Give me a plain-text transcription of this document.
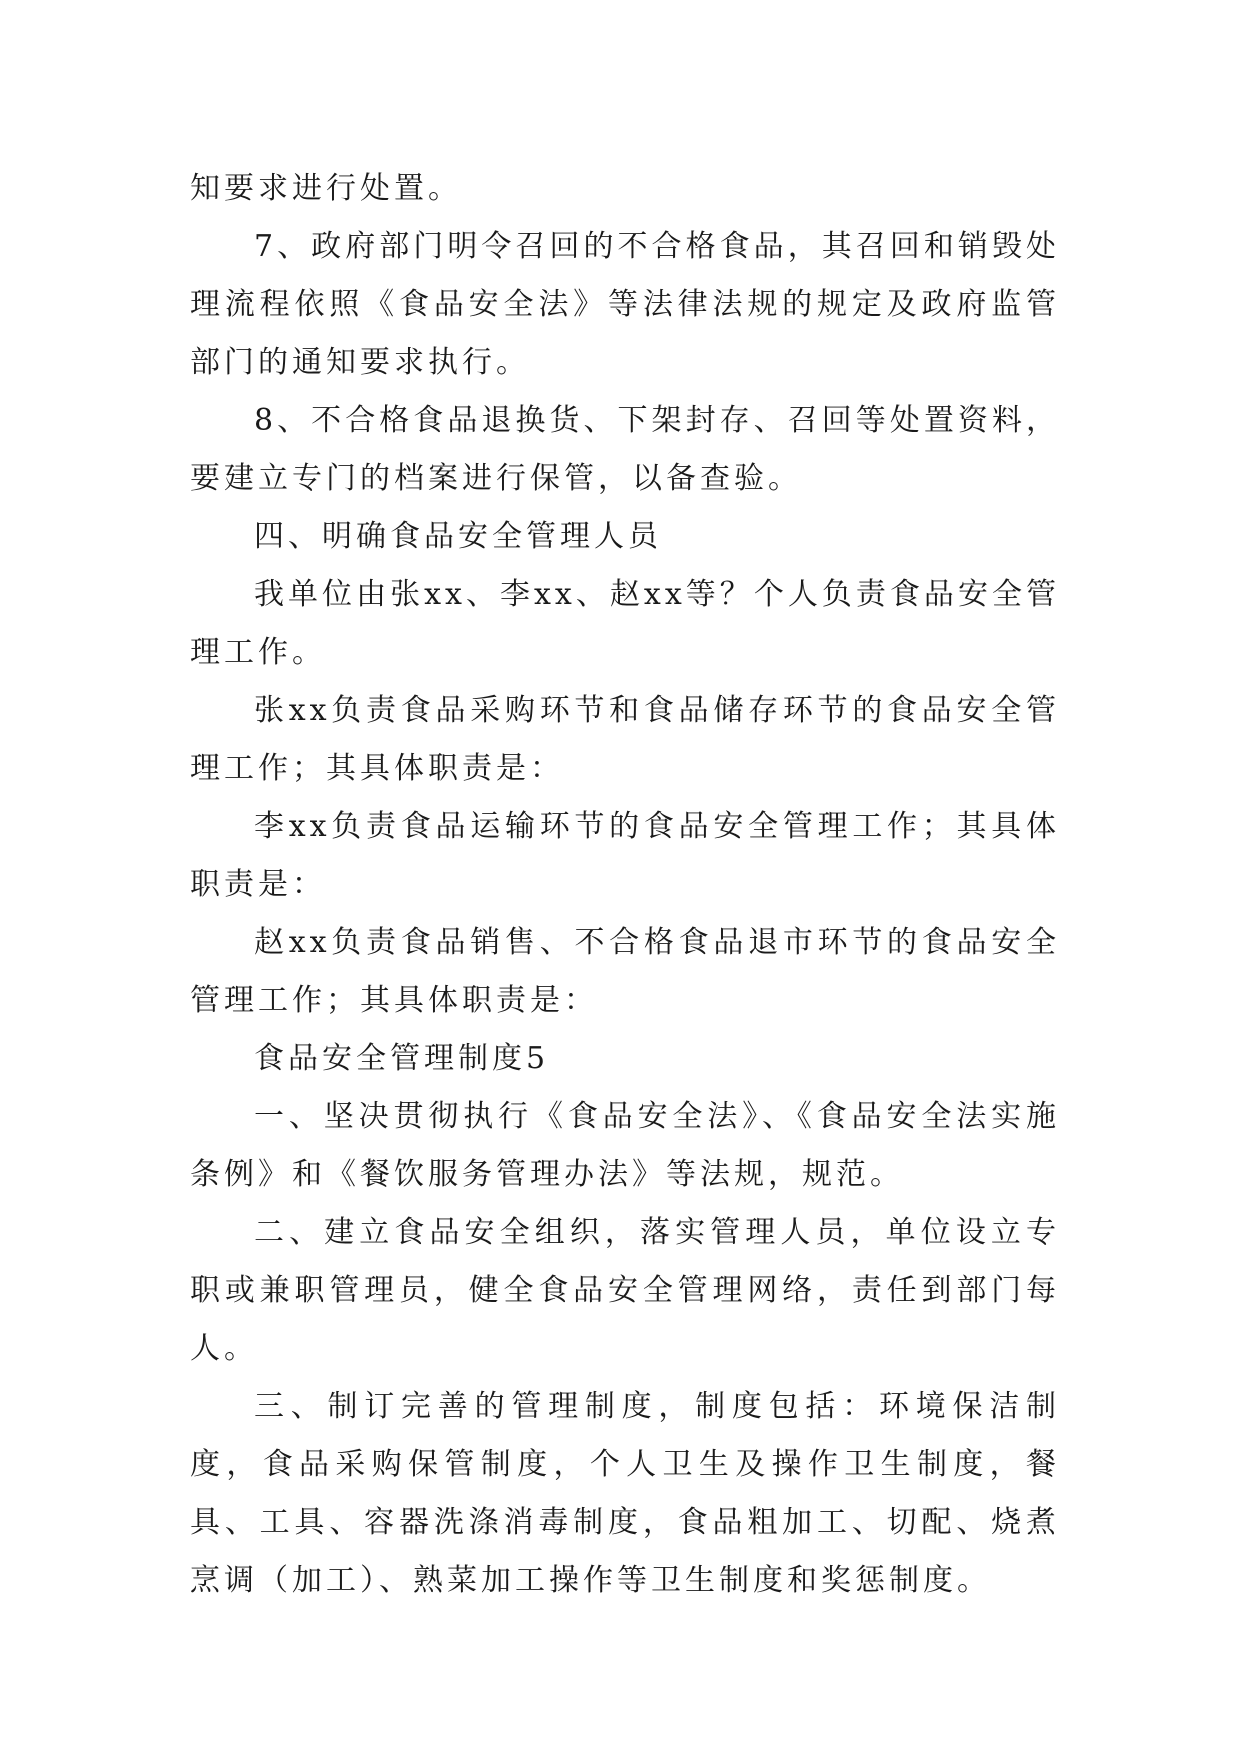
知要求进行处置。

7、政府部门明令召回的不合格食品，其召回和销毁处理流程依照《食品安全法》等法律法规的规定及政府监管部门的通知要求执行。

8、不合格食品退换货、下架封存、召回等处置资料，要建立专门的档案进行保管，以备查验。

四、明确食品安全管理人员

我单位由张xx、李xx、赵xx等？个人负责食品安全管理工作。

张xx负责食品采购环节和食品储存环节的食品安全管理工作；其具体职责是：

李xx负责食品运输环节的食品安全管理工作；其具体职责是：

赵xx负责食品销售、不合格食品退市环节的食品安全管理工作；其具体职责是：

食品安全管理制度5

一、坚决贯彻执行《食品安全法》、《食品安全法实施条例》和《餐饮服务管理办法》等法规，规范。

二、建立食品安全组织，落实管理人员，单位设立专职或兼职管理员，健全食品安全管理网络，责任到部门每人。

三、制订完善的管理制度，制度包括：环境保洁制度，食品采购保管制度，个人卫生及操作卫生制度，餐具、工具、容器洗涤消毒制度，食品粗加工、切配、烧煮烹调（加工）、熟菜加工操作等卫生制度和奖惩制度。
